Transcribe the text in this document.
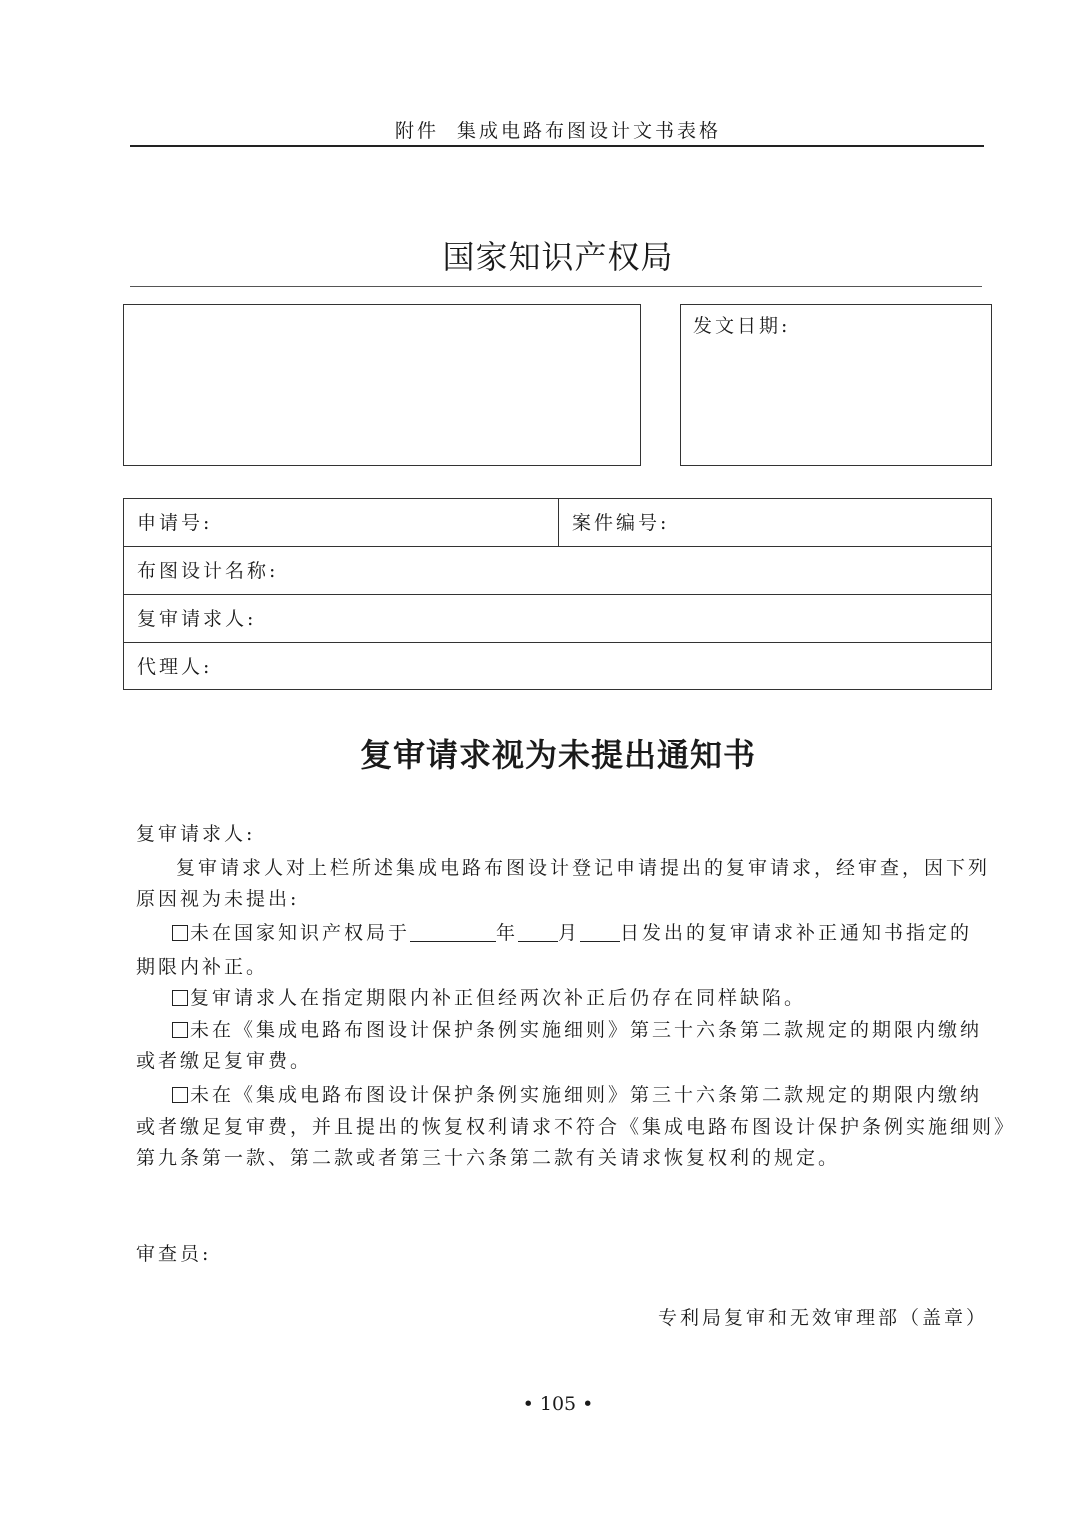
附件  集成电路布图设计文书表格
国家知识产权局
发文日期:
申请号:	案件编号:
布图设计名称:
复审请求人:
代理人:
复审请求视为未提出通知书
复审请求人:
复审请求人对上栏所述集成电路布图设计登记申请提出的复审请求，经审查，因下列
原因视为未提出:
未在国家知识产权局于	年 月 日发出的复审请求补正通知书指定的
期限内补正。
复审请求人在指定期限内补正但经两次补正后仍存在同样缺陷。
未在《集成电路布图设计保护条例实施细则》第三十六条第二款规定的期限内缴纳
或者缴足复审费。
未在《集成电路布图设计保护条例实施细则》第三十六条第二款规定的期限内缴纳
或者缴足复审费，并且提出的恢复权利请求不符合《集成电路布图设计保护条例实施细则》
第九条第一款、第二款或者第三十六条第二款有关请求恢复权利的规定。
审查员:
专利局复审和无效审理部（盖章）
• 105 •
